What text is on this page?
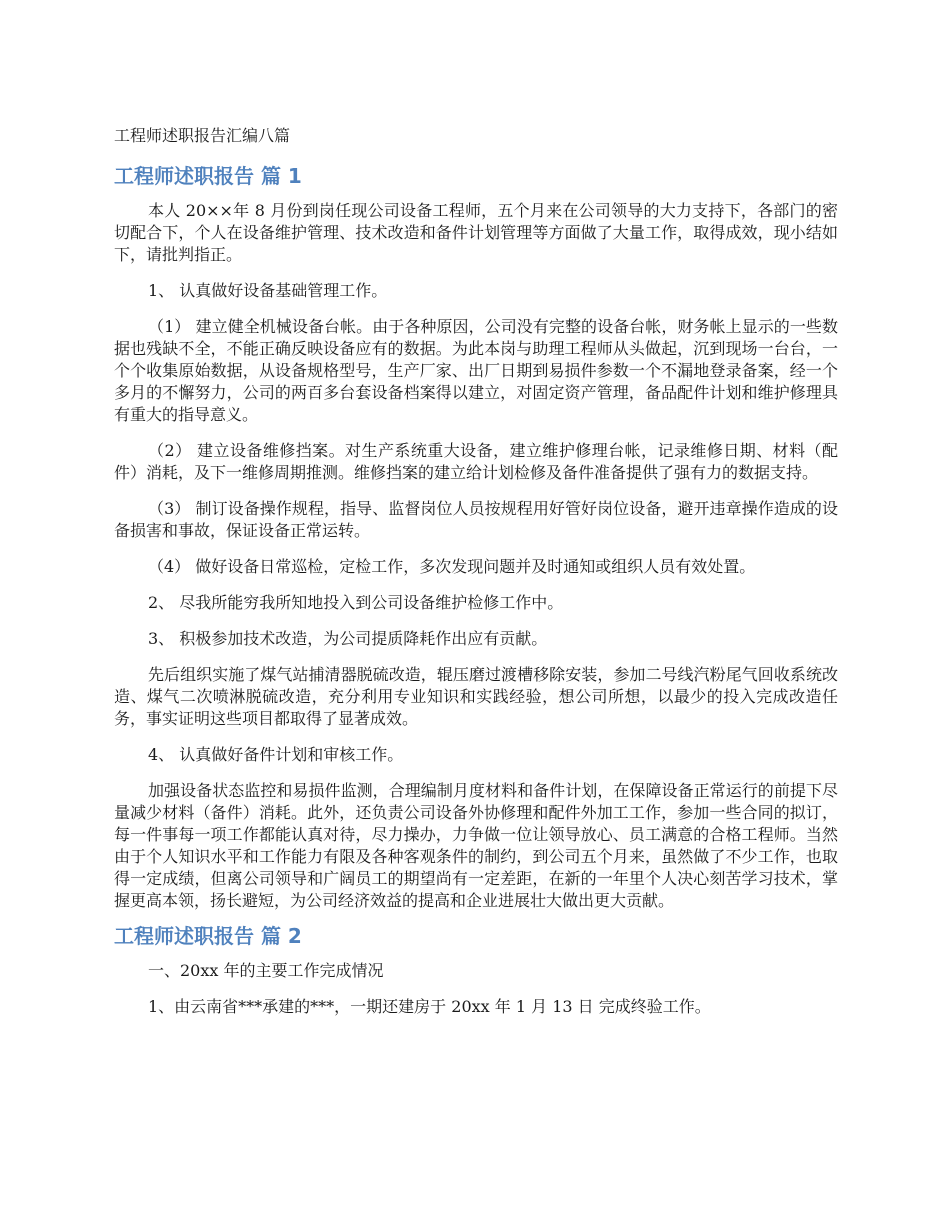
工程师述职报告汇编八篇
工程师述职报告 篇 1

本人 20××年 8 月份到岗任现公司设备工程师，五个月来在公司领导的大力支持下，各部门的密切配合下，个人在设备维护管理、技术改造和备件计划管理等方面做了大量工作，取得成效，现小结如下，请批判指正。

1、 认真做好设备基础管理工作。

（1） 建立健全机械设备台帐。由于各种原因，公司没有完整的设备台帐，财务帐上显示的一些数据也残缺不全，不能正确反映设备应有的数据。为此本岗与助理工程师从头做起，沉到现场一台台，一个个收集原始数据，从设备规格型号，生产厂家、出厂日期到易损件参数一个不漏地登录备案，经一个多月的不懈努力，公司的两百多台套设备档案得以建立，对固定资产管理，备品配件计划和维护修理具有重大的指导意义。

（2） 建立设备维修挡案。对生产系统重大设备，建立维护修理台帐，记录维修日期、材料（配件）消耗，及下一维修周期推测。维修挡案的建立给计划检修及备件准备提供了强有力的数据支持。

（3） 制订设备操作规程，指导、监督岗位人员按规程用好管好岗位设备，避开违章操作造成的设备损害和事故，保证设备正常运转。

（4） 做好设备日常巡检，定检工作，多次发现问题并及时通知或组织人员有效处置。

2、 尽我所能穷我所知地投入到公司设备维护检修工作中。

3、 积极参加技术改造，为公司提质降耗作出应有贡献。

先后组织实施了煤气站捕清器脱硫改造，辊压磨过渡槽移除安装，参加二号线汽粉尾气回收系统改造、煤气二次喷淋脱硫改造，充分利用专业知识和实践经验，想公司所想，以最少的投入完成改造任务，事实证明这些项目都取得了显著成效。

4、 认真做好备件计划和审核工作。

加强设备状态监控和易损件监测，合理编制月度材料和备件计划，在保障设备正常运行的前提下尽量减少材料（备件）消耗。此外，还负责公司设备外协修理和配件外加工工作，参加一些合同的拟订，每一件事每一项工作都能认真对待，尽力操办，力争做一位让领导放心、员工满意的合格工程师。当然由于个人知识水平和工作能力有限及各种客观条件的制约，到公司五个月来，虽然做了不少工作，也取得一定成绩，但离公司领导和广阔员工的期望尚有一定差距，在新的一年里个人决心刻苦学习技术，掌握更高本领，扬长避短，为公司经济效益的提高和企业进展壮大做出更大贡献。

工程师述职报告 篇 2

一、20xx 年的主要工作完成情况

1、由云南省***承建的***，一期还建房于 20xx 年 1 月 13 日 完成终验工作。
